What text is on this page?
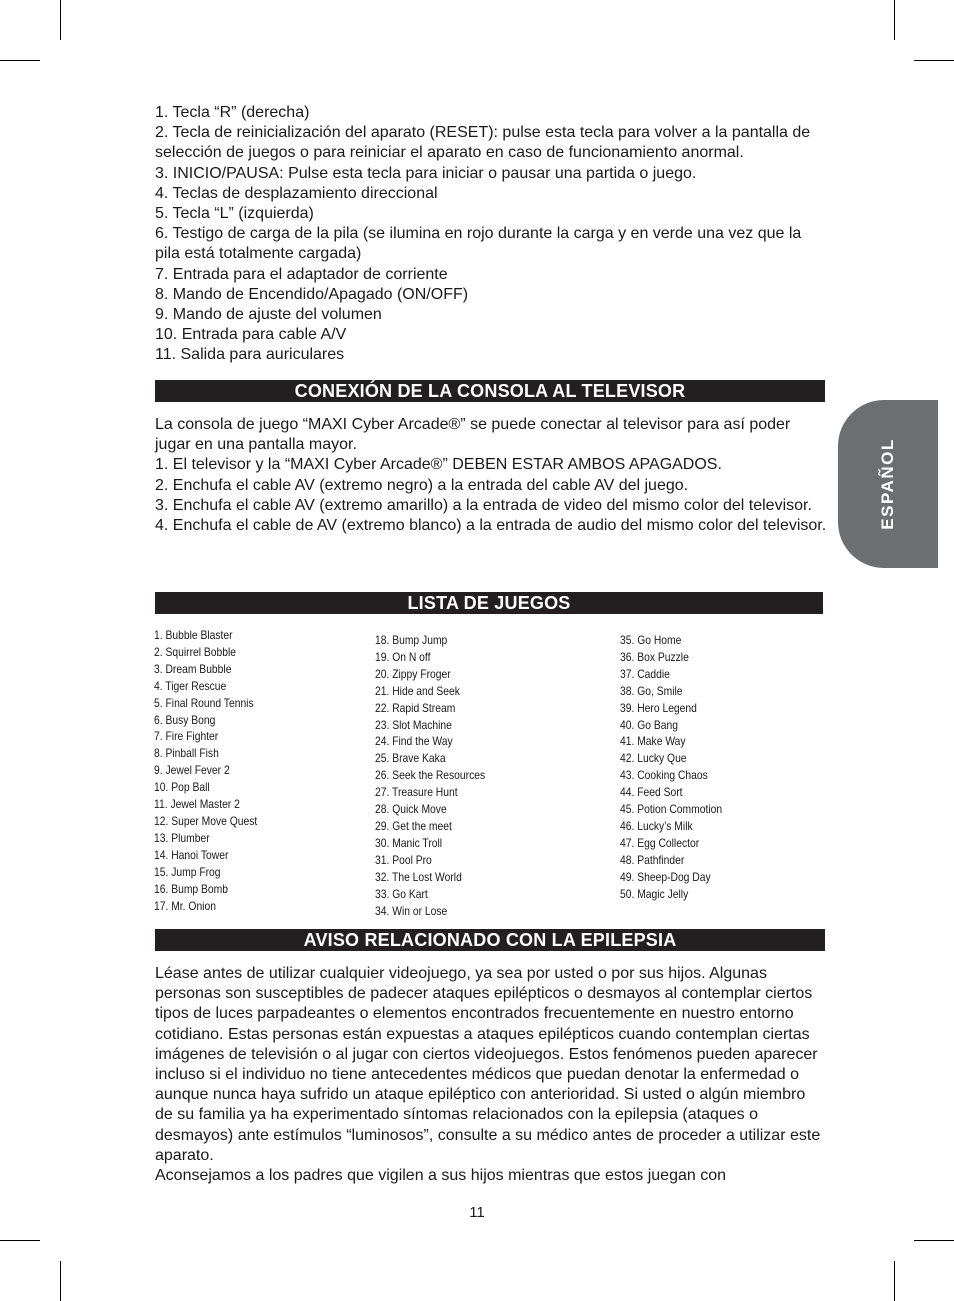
ESPAÑOL
1. Tecla “R” (derecha)
2. Tecla de reinicialización del aparato (RESET): pulse esta tecla para volver a la pantalla de selección de juegos o para reiniciar el aparato en caso de funcionamiento anormal.
3. INICIO/PAUSA: Pulse esta tecla para iniciar o pausar una partida o juego.
4. Teclas de desplazamiento direccional
5. Tecla “L” (izquierda)
6. Testigo de carga de la pila (se ilumina en rojo durante la carga y en verde una vez que la pila está totalmente cargada)
7. Entrada para el adaptador de corriente
8. Mando de Encendido/Apagado (ON/OFF)
9. Mando de ajuste del volumen
10. Entrada para cable A/V
11. Salida para auriculares
CONEXIÓN DE LA CONSOLA AL TELEVISOR
La consola de juego “MAXI Cyber Arcade®” se puede conectar al televisor para así poder jugar en una pantalla mayor.
1. El televisor y la “MAXI Cyber Arcade®” DEBEN ESTAR AMBOS APAGADOS.
2. Enchufa el cable AV (extremo negro) a la entrada del cable AV del juego.
3. Enchufa el cable AV (extremo amarillo) a la entrada de video del mismo color del televisor.
4. Enchufa el cable de AV (extremo blanco) a la entrada de audio del mismo color del televisor.
LISTA DE JUEGOS
1. Bubble Blaster
2. Squirrel Bobble
3. Dream Bubble
4. Tiger Rescue
5. Final Round Tennis
6. Busy Bong
7. Fire Fighter
8. Pinball Fish
9. Jewel Fever 2
10. Pop Ball
11. Jewel Master 2
12. Super Move Quest
13. Plumber
14. Hanoi Tower
15. Jump Frog
16. Bump Bomb
17. Mr. Onion
18. Bump Jump
19. On N off
20. Zippy Froger
21. Hide and Seek
22. Rapid Stream
23. Slot Machine
24. Find the Way
25. Brave Kaka
26. Seek the Resources
27. Treasure Hunt
28. Quick Move
29. Get the meet
30. Manic Troll
31. Pool Pro
32. The Lost World
33. Go Kart
34. Win or Lose
35. Go Home
36. Box Puzzle
37. Caddie
38. Go, Smile
39. Hero Legend
40. Go Bang
41. Make Way
42. Lucky Que
43. Cooking Chaos
44. Feed Sort
45. Potion Commotion
46. Lucky’s Milk
47. Egg Collector
48. Pathfinder
49. Sheep-Dog Day
50. Magic Jelly
AVISO RELACIONADO CON LA EPILEPSIA
Léase antes de utilizar cualquier videojuego, ya sea por usted o por sus hijos. Algunas personas son susceptibles de padecer ataques epilépticos o desmayos al contemplar ciertos tipos de luces parpadeantes o elementos encontrados frecuentemente en nuestro entorno cotidiano. Estas personas están expuestas a ataques epilépticos cuando contemplan ciertas imágenes de televisión o al jugar con ciertos videojuegos. Estos fenómenos pueden aparecer incluso si el individuo no tiene antecedentes médicos que puedan denotar la enfermedad o aunque nunca haya sufrido un ataque epiléptico con anterioridad. Si usted o algún miembro de su familia ya ha experimentado síntomas relacionados con la epilepsia (ataques o desmayos) ante estímulos “luminosos”, consulte a su médico antes de proceder a utilizar este aparato.
Aconsejamos a los padres que vigilen a sus hijos mientras que estos juegan con
11
